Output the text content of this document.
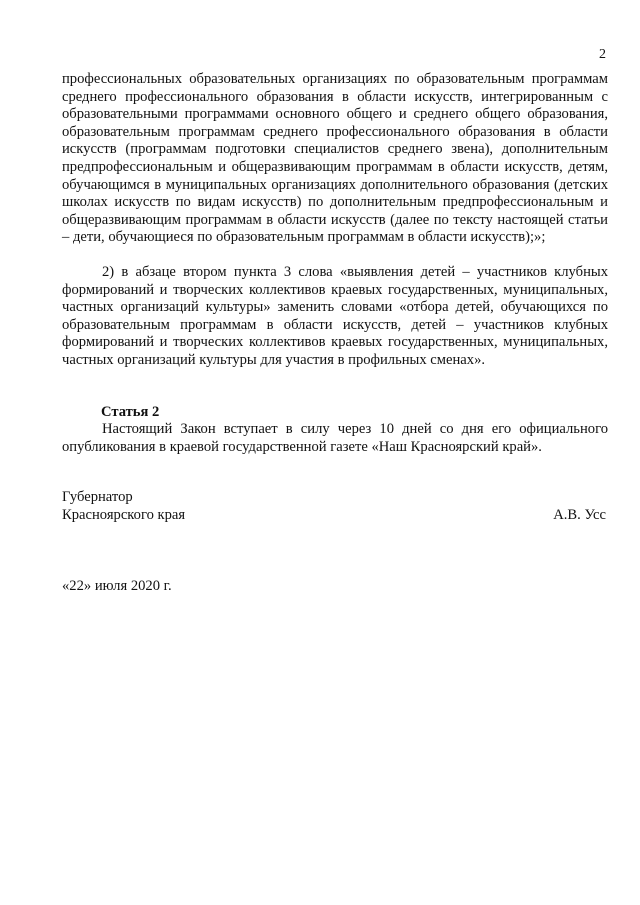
2
профессиональных образовательных организациях по образовательным программам среднего профессионального образования в области искусств, интегрированным с образовательными программами основного общего и среднего общего образования, образовательным программам среднего профессионального образования в области искусств (программам подготовки специалистов среднего звена), дополнительным предпрофессиональным и общеразвивающим программам в области искусств, детям, обучающимся в муниципальных организациях дополнительного образования (детских школах искусств по видам искусств) по дополнительным предпрофессиональным и общеразвивающим программам в области искусств (далее по тексту настоящей статьи – дети, обучающиеся по образовательным программам в области искусств);»;
2) в абзаце втором пункта 3 слова «выявления детей – участников клубных формирований и творческих коллективов краевых государственных, муниципальных, частных организаций культуры» заменить словами «отбора детей, обучающихся по образовательным программам в области искусств, детей – участников клубных формирований и творческих коллективов краевых государственных, муниципальных, частных организаций культуры для участия в профильных сменах».
Статья 2
Настоящий Закон вступает в силу через 10 дней со дня его официального опубликования в краевой государственной газете «Наш Красноярский край».
Губернатор
Красноярского края	А.В. Усс
«22» июля 2020 г.
